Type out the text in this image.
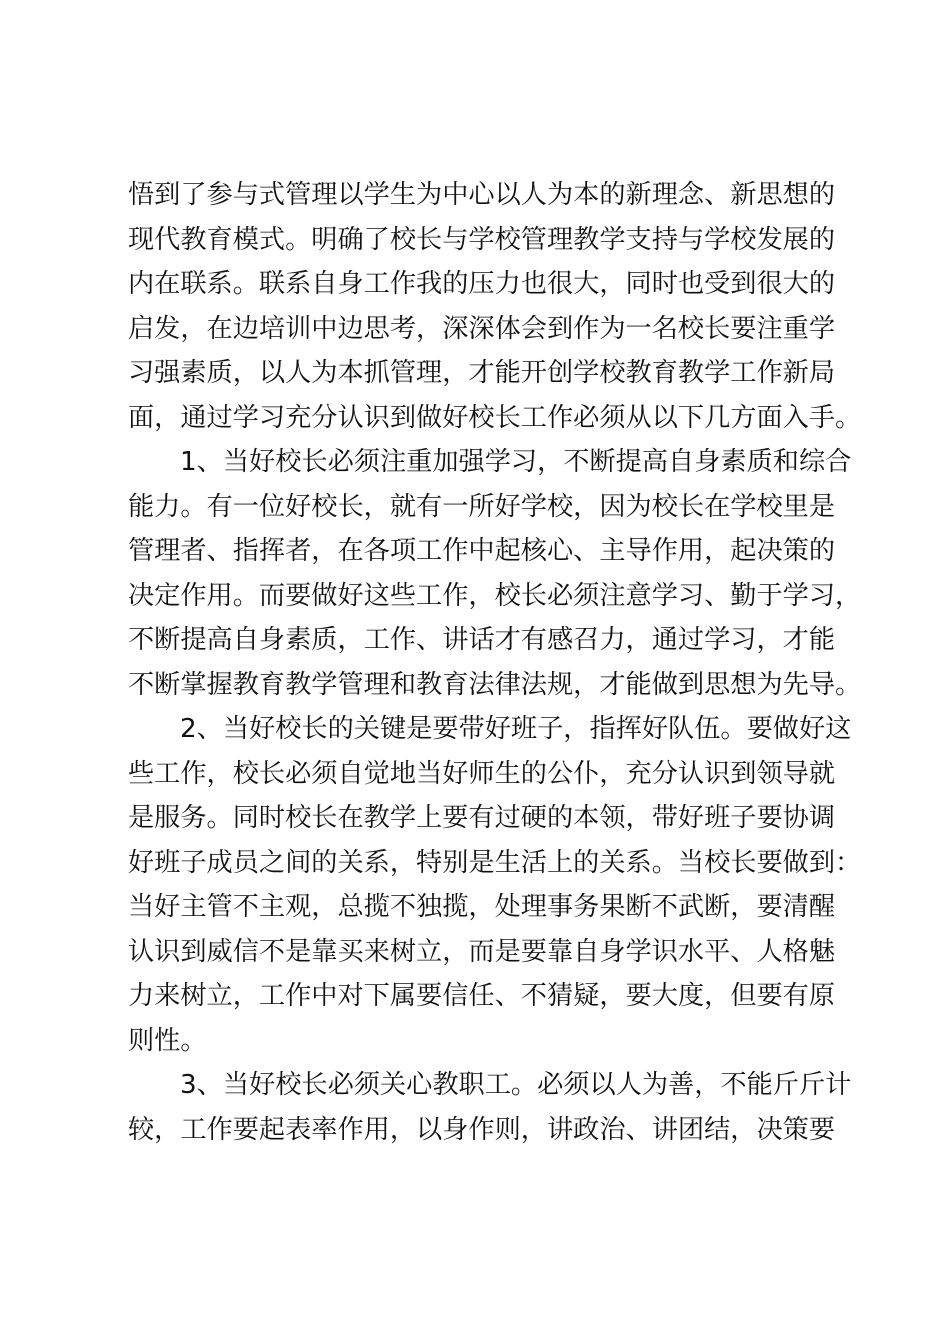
悟到了参与式管理以学生为中心以人为本的新理念、新思想的
现代教育模式。明确了校长与学校管理教学支持与学校发展的
内在联系。联系自身工作我的压力也很大，同时也受到很大的
启发，在边培训中边思考，深深体会到作为一名校长要注重学
习强素质，以人为本抓管理，才能开创学校教育教学工作新局
面，通过学习充分认识到做好校长工作必须从以下几方面入手。
1、当好校长必须注重加强学习，不断提高自身素质和综合
能力。有一位好校长，就有一所好学校，因为校长在学校里是
管理者、指挥者，在各项工作中起核心、主导作用，起决策的
决定作用。而要做好这些工作，校长必须注意学习、勤于学习，
不断提高自身素质，工作、讲话才有感召力，通过学习，才能
不断掌握教育教学管理和教育法律法规，才能做到思想为先导。
2、当好校长的关键是要带好班子，指挥好队伍。要做好这
些工作，校长必须自觉地当好师生的公仆，充分认识到领导就
是服务。同时校长在教学上要有过硬的本领，带好班子要协调
好班子成员之间的关系，特别是生活上的关系。当校长要做到：
当好主管不主观，总揽不独揽，处理事务果断不武断，要清醒
认识到威信不是靠买来树立，而是要靠自身学识水平、人格魅
力来树立，工作中对下属要信任、不猜疑，要大度，但要有原
则性。
3、当好校长必须关心教职工。必须以人为善，不能斤斤计
较，工作要起表率作用，以身作则，讲政治、讲团结，决策要
